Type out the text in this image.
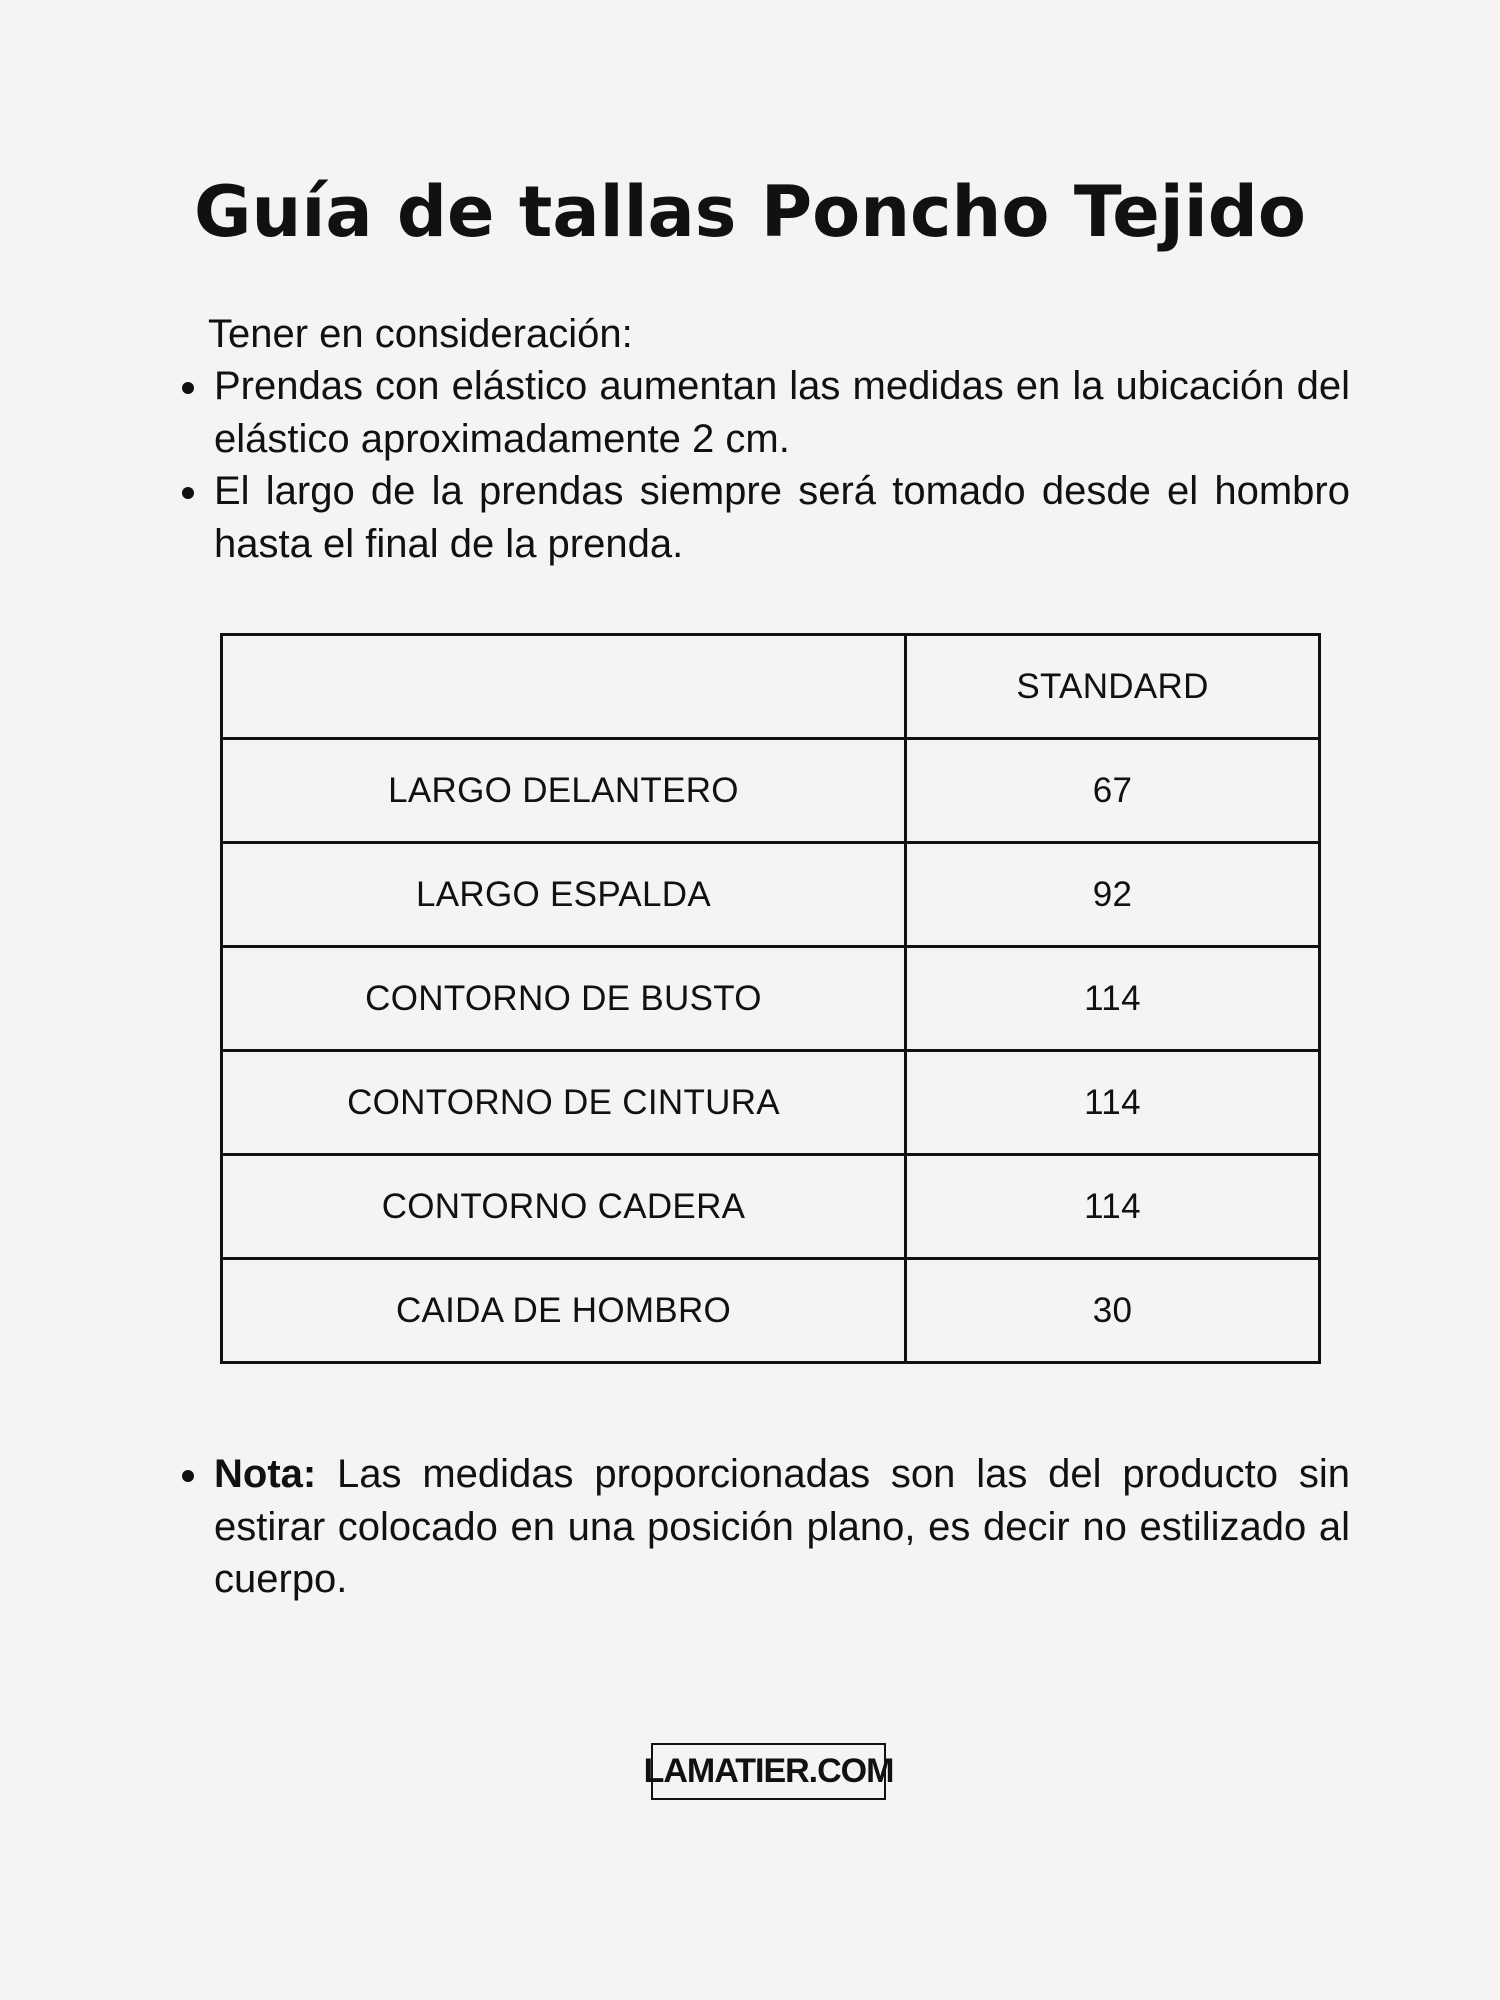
Guía de tallas Poncho Tejido

Tener en consideración:

Prendas con elástico aumentan las medidas en la ubicación del elástico aproximadamente 2 cm.
El largo de la prendas siempre será tomado desde el hombro hasta el final de la prenda.
	STANDARD
LARGO DELANTERO	67
LARGO ESPALDA	92
CONTORNO DE BUSTO	114
CONTORNO DE CINTURA	114
CONTORNO CADERA	114
CAIDA DE HOMBRO	30
Nota: Las medidas proporcionadas son las del producto sin estirar colocado en una posición plano, es decir no estilizado al cuerpo.
LAMATIER.COM
